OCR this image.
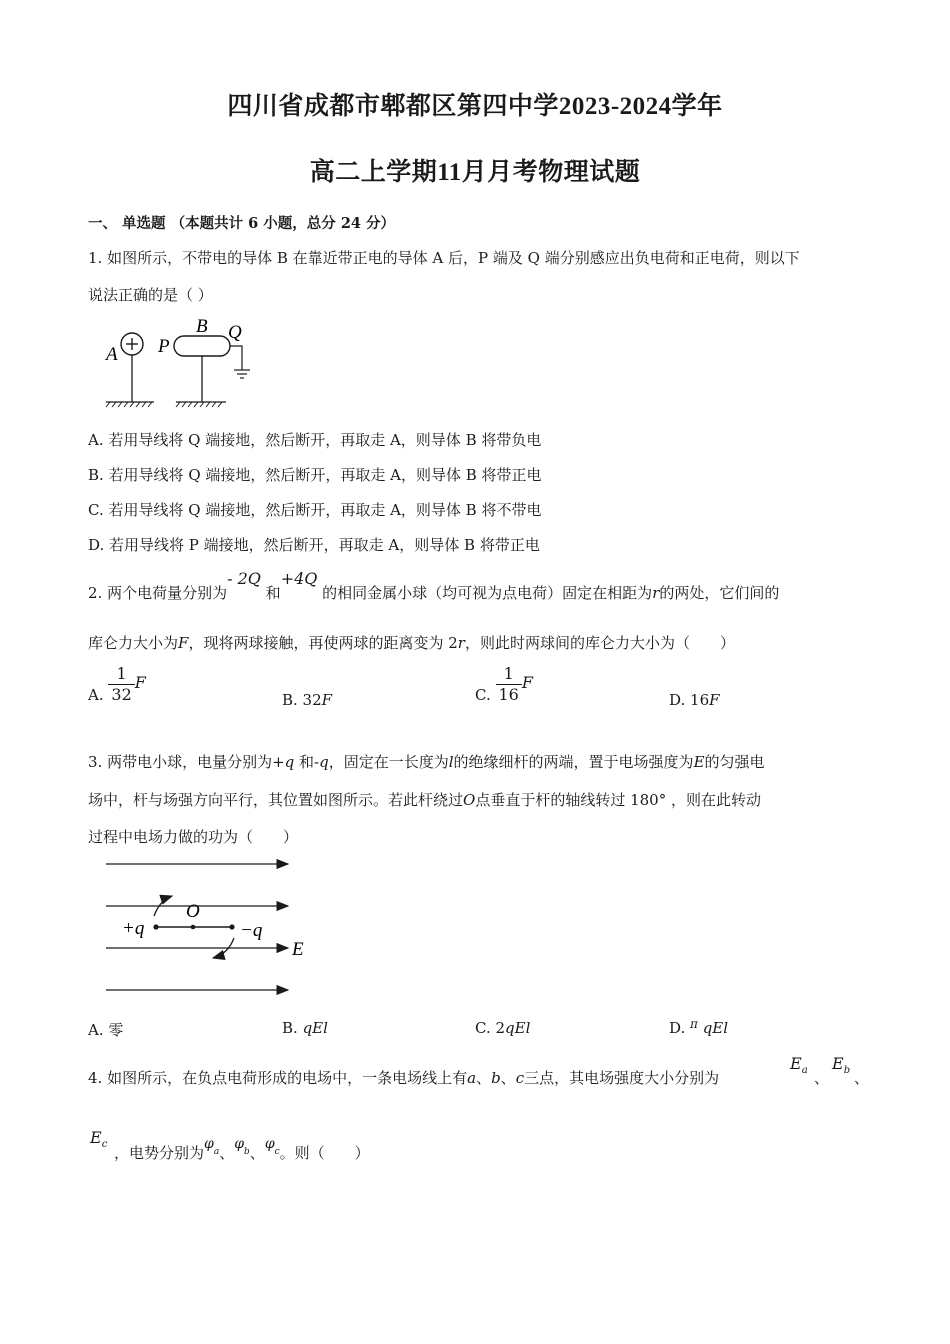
四川省成都市郫都区第四中学2023-2024学年
高二上学期11月月考物理试题
一、 单选题 （本题共计 6 小题，总分 24 分）
1. 如图所示，不带电的导体 B 在靠近带正电的导体 A 后，P 端及 Q 端分别感应出负电荷和正电荷，则以下
说法正确的是（ ）
A
B
P
Q
A. 若用导线将 Q 端接地，然后断开，再取走 A，则导体 B 将带负电
B. 若用导线将 Q 端接地，然后断开，再取走 A，则导体 B 将带正电
C. 若用导线将 Q 端接地，然后断开，再取走 A，则导体 B 将不带电
D. 若用导线将 P 端接地，然后断开，再取走 A，则导体 B 将带正电
2. 两个电荷量分别为- 2Q 和+4Q 的相同金属小球（均可视为点电荷）固定在相距为r的两处，它们间的
库仑力大小为F，现将两球接触，再使两球的距离变为 2r，则此时两球间的库仑力大小为（　　）
A. $\frac{1}{32}$ F
B. 32F	C. $\frac{1}{16}$ F
D. 16F
3. 两带电小球，电量分别为+q 和-q，固定在一长度为l的绝缘细杆的两端，置于电场强度为E的匀强电
场中，杆与场强方向平行，其位置如图所示。若此杆绕过O点垂直于杆的轴线转过 180° ，则在此转动
过程中电场力做的功为（　　）
+q	−q
O
E
A. 零	B. qEl	C. 2qEl	D. $^\pi$ qEl
4. 如图所示，在负点电荷形成的电场中，一条电场线上有a、b、c三点，其电场强度大小分别为
$E_a$ 、
$E_b$ 、
$E_c$ ，电势分别为$\varphi_a$、$\varphi_b$、$\varphi_c$。则（　　）
